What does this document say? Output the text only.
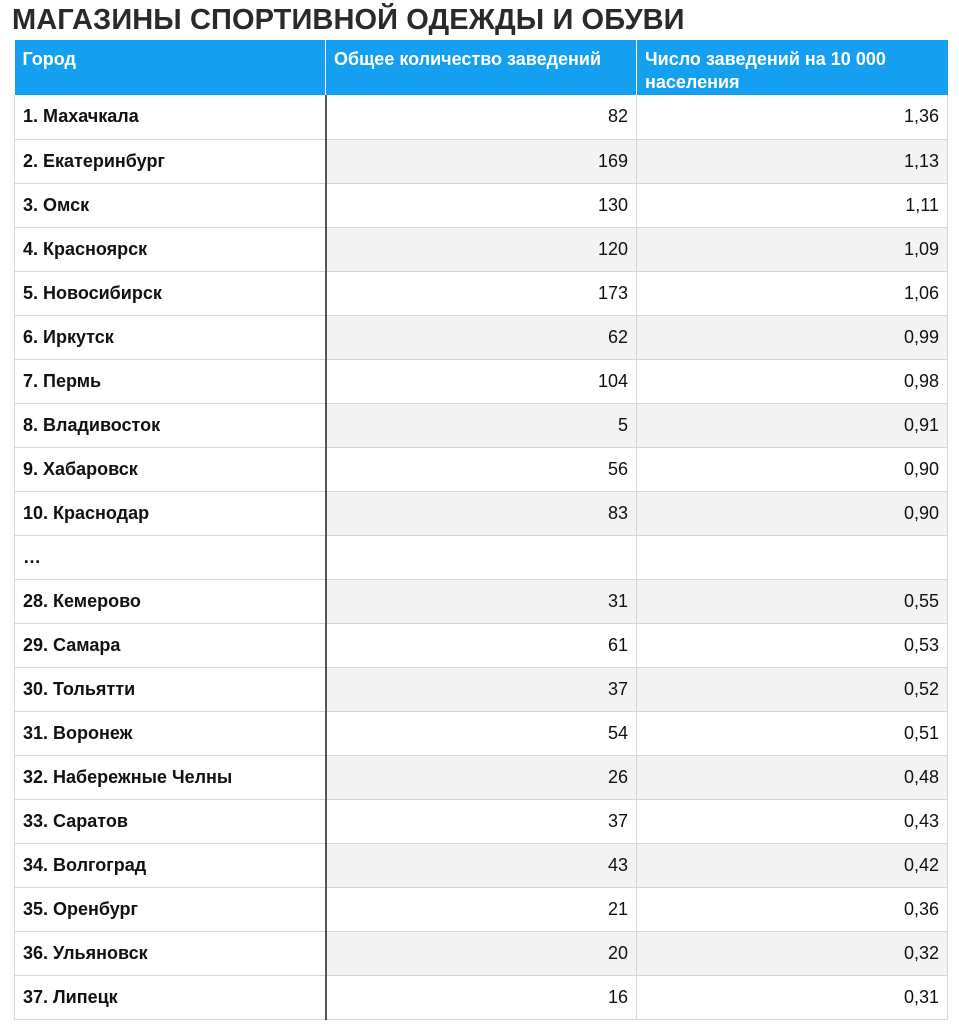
МАГАЗИНЫ СПОРТИВНОЙ ОДЕЖДЫ И ОБУВИ
Город	Общее количество заведений	Число заведений на 10 000 населения
1. Махачкала	82	1,36
2. Екатеринбург	169	1,13
3. Омск	130	1,11
4. Красноярск	120	1,09
5. Новосибирск	173	1,06
6. Иркутск	62	0,99
7. Пермь	104	0,98
8. Владивосток	5	0,91
9. Хабаровск	56	0,90
10. Краснодар	83	0,90
…		
28. Кемерово	31	0,55
29. Самара	61	0,53
30. Тольятти	37	0,52
31. Воронеж	54	0,51
32. Набережные Челны	26	0,48
33. Саратов	37	0,43
34. Волгоград	43	0,42
35. Оренбург	21	0,36
36. Ульяновск	20	0,32
37. Липецк	16	0,31
